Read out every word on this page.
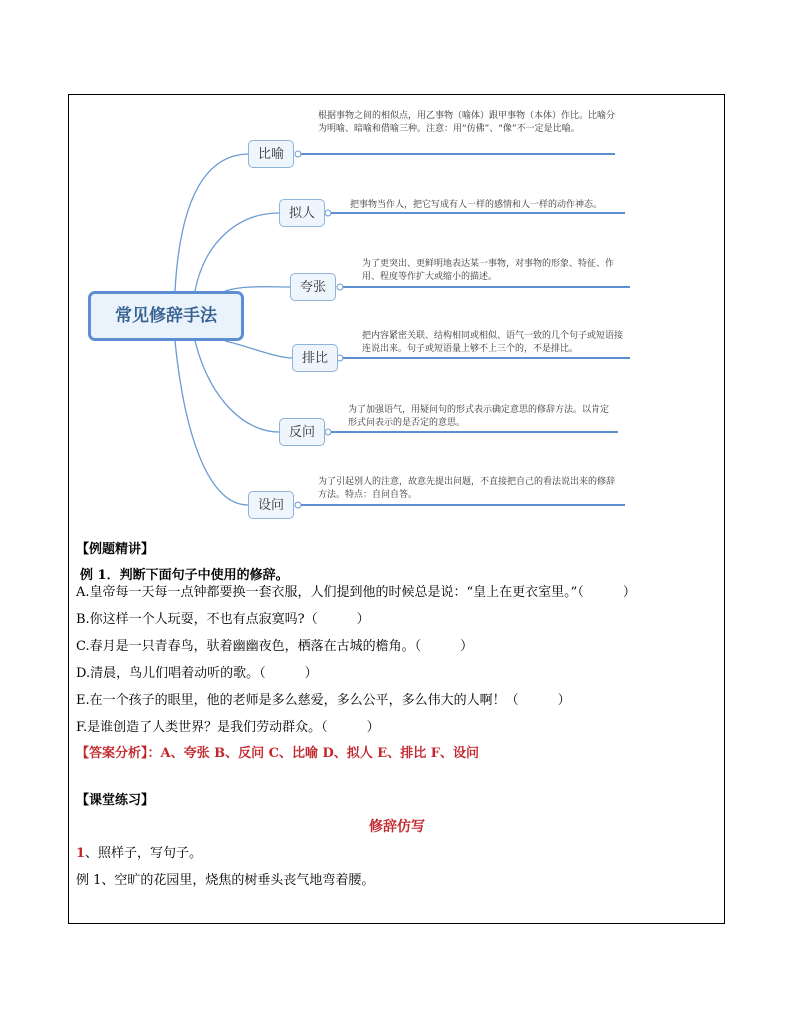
常见修辞手法
比喻
拟人
夸张
排比
反问
设问
根据事物之间的相似点，用乙事物（喻体）跟甲事物（本体）作比。比喻分为明喻、暗喻和借喻三种。注意：用“仿佛”、“像”不一定是比喻。
把事物当作人，把它写成有人一样的感情和人一样的动作神态。
为了更突出、更鲜明地表达某一事物，对事物的形象、特征、作用、程度等作扩大或缩小的描述。
把内容紧密关联、结构相同或相似、语气一致的几个句子或短语接连说出来。句子或短语量上够不上三个的，不是排比。
为了加强语气，用疑问句的形式表示确定意思的修辞方法。以肯定形式问表示的是否定的意思。
为了引起别人的注意，故意先提出问题，不直接把自己的看法说出来的修辞方法。特点：自问自答。
【例题精讲】
例 1．判断下面句子中使用的修辞。
A.皇帝每一天每一点钟都要换一套衣服，人们提到他的时候总是说：“皇上在更衣室里。”（　　　）
B.你这样一个人玩耍，不也有点寂寞吗?（　　　）
C.春月是一只青春鸟，驮着幽幽夜色，栖落在古城的檐角。（　　　）
D.清晨，鸟儿们唱着动听的歌。（　　　）
E.在一个孩子的眼里，他的老师是多么慈爱，多么公平，多么伟大的人啊！（　　　）
F.是谁创造了人类世界？是我们劳动群众。（　　　）
【答案分析】：A、夸张 B、反问 C、比喻 D、拟人 E、排比 F、设问
【课堂练习】
修辞仿写
1、照样子，写句子。
例 1、空旷的花园里，烧焦的树垂头丧气地弯着腰。
